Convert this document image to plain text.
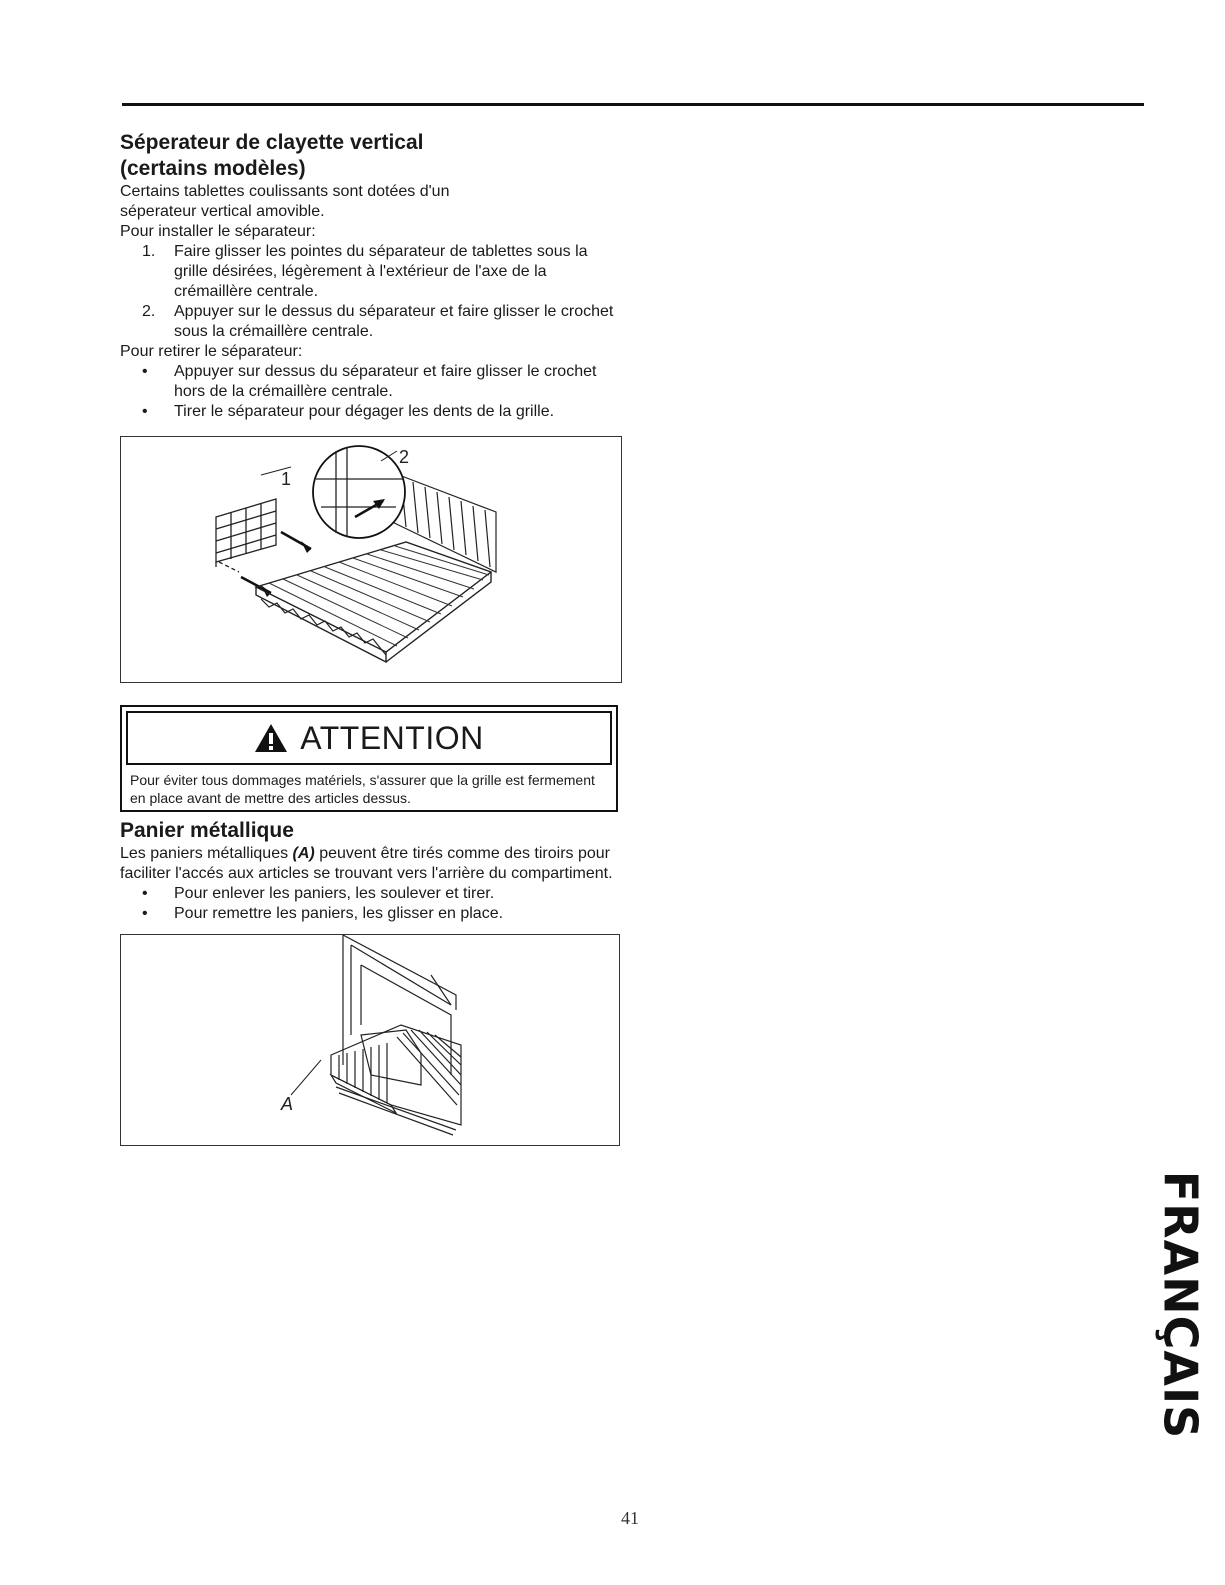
Séperateur de clayette vertical
(certains modèles)

Certains tablettes coulissants sont dotées d'un
séperateur vertical amovible.

Pour installer le séparateur:

1. Faire glisser les pointes du séparateur de tablettes sous la grille désirées, légèrement à l'extérieur de l'axe de la crémaillère centrale.
2. Appuyer sur le dessus du séparateur et faire glisser le crochet sous la crémaillère centrale.

Pour retirer le séparateur:

• Appuyer sur dessus du séparateur et faire glisser le crochet hors de la crémaillère centrale.
• Tirer le séparateur pour dégager les dents de la grille.
1
2
ATTENTION

Pour éviter tous dommages matériels, s'assurer que la grille est fermement en place avant de mettre des articles dessus.

Panier métallique

Les paniers métalliques (A) peuvent être tirés comme des tiroirs pour faciliter l'accés aux articles se trouvant vers l'arrière du compartiment.

• Pour enlever les paniers, les soulever et tirer.
• Pour remettre les paniers, les glisser en place.
A
FRANÇAIS
41
